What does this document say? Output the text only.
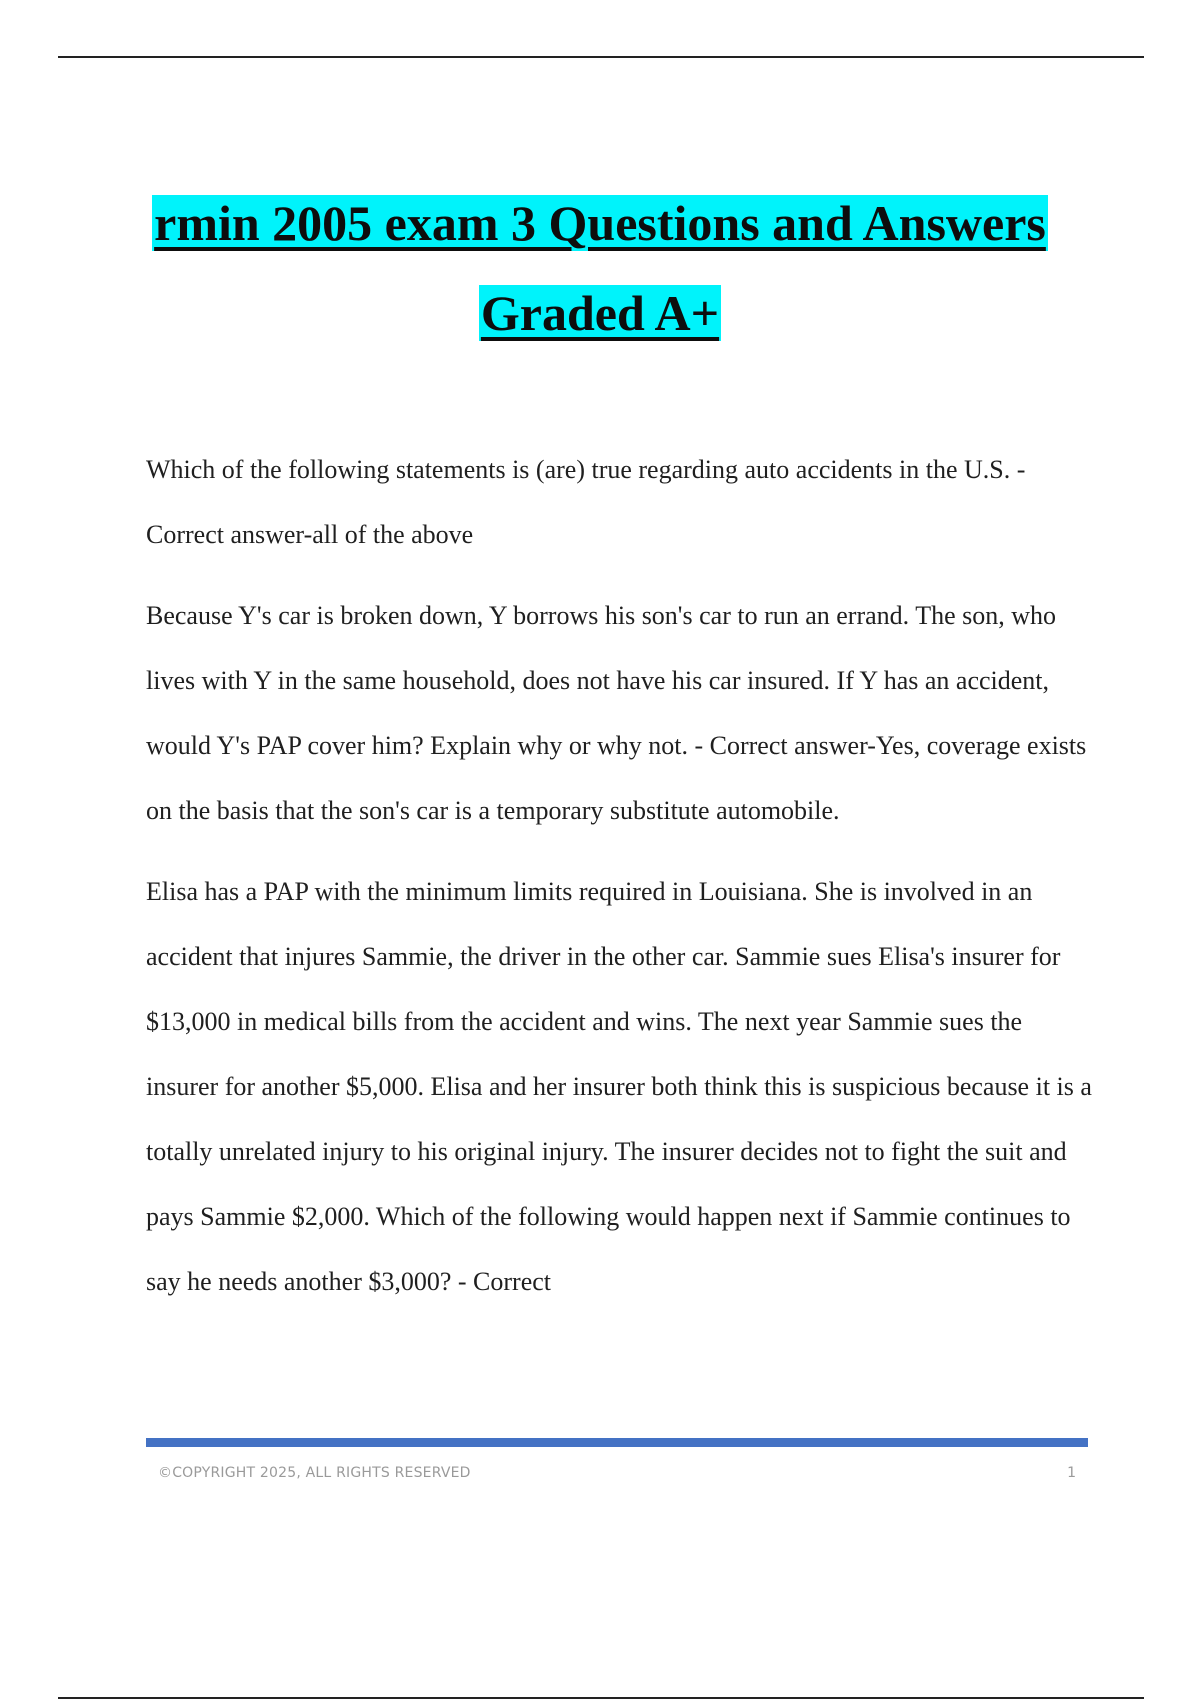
rmin 2005 exam 3 Questions and Answers
Graded A+

Which of the following statements is (are) true regarding auto accidents in the U.S. - Correct answer-all of the above

Because Y's car is broken down, Y borrows his son's car to run an errand. The son, who lives with Y in the same household, does not have his car insured. If Y has an accident, would Y's PAP cover him? Explain why or why not. - Correct answer-Yes, coverage exists on the basis that the son's car is a temporary substitute automobile.

Elisa has a PAP with the minimum limits required in Louisiana. She is involved in an accident that injures Sammie, the driver in the other car. Sammie sues Elisa's insurer for $13,000 in medical bills from the accident and wins. The next year Sammie sues the insurer for another $5,000. Elisa and her insurer both think this is suspicious because it is a totally unrelated injury to his original injury. The insurer decides not to fight the suit and pays Sammie $2,000. Which of the following would happen next if Sammie continues to say he needs another $3,000? - Correct

©COPYRIGHT 2025, ALL RIGHTS RESERVED	1
